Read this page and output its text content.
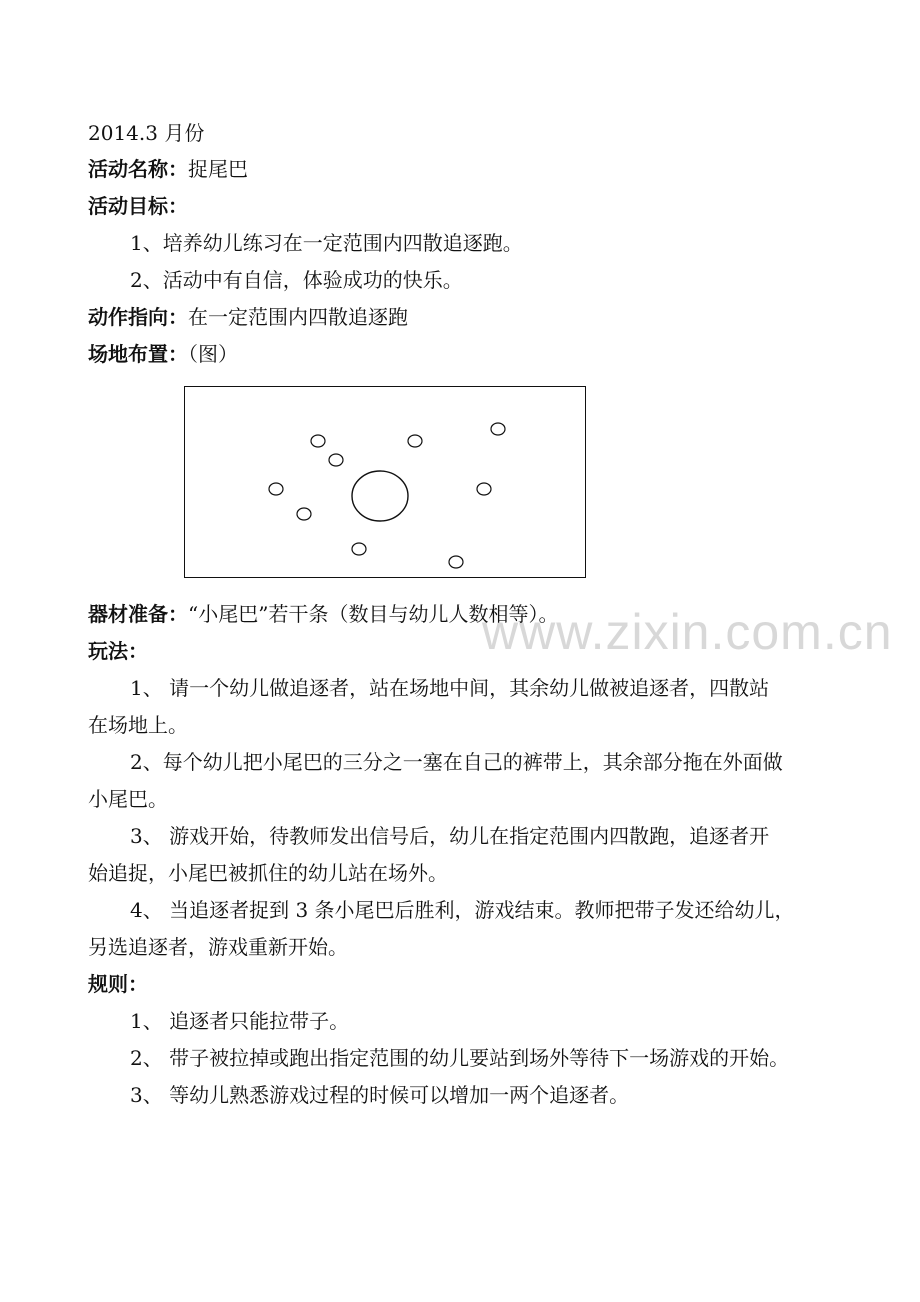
2014.3 月份
活动名称：捉尾巴
活动目标：
1、培养幼儿练习在一定范围内四散追逐跑。
2、活动中有自信，体验成功的快乐。
动作指向：在一定范围内四散追逐跑
场地布置：（图）
www.zixin.com.cn
器材准备：“小尾巴”若干条（数目与幼儿人数相等）。
玩法：
1、 请一个幼儿做追逐者，站在场地中间，其余幼儿做被追逐者，四散站
在场地上。
2、每个幼儿把小尾巴的三分之一塞在自己的裤带上，其余部分拖在外面做
小尾巴。
3、 游戏开始，待教师发出信号后，幼儿在指定范围内四散跑，追逐者开
始追捉，小尾巴被抓住的幼儿站在场外。
4、 当追逐者捉到 3 条小尾巴后胜利，游戏结束。教师把带子发还给幼儿，
另选追逐者，游戏重新开始。
规则：
1、 追逐者只能拉带子。
2、 带子被拉掉或跑出指定范围的幼儿要站到场外等待下一场游戏的开始。
3、 等幼儿熟悉游戏过程的时候可以增加一两个追逐者。
